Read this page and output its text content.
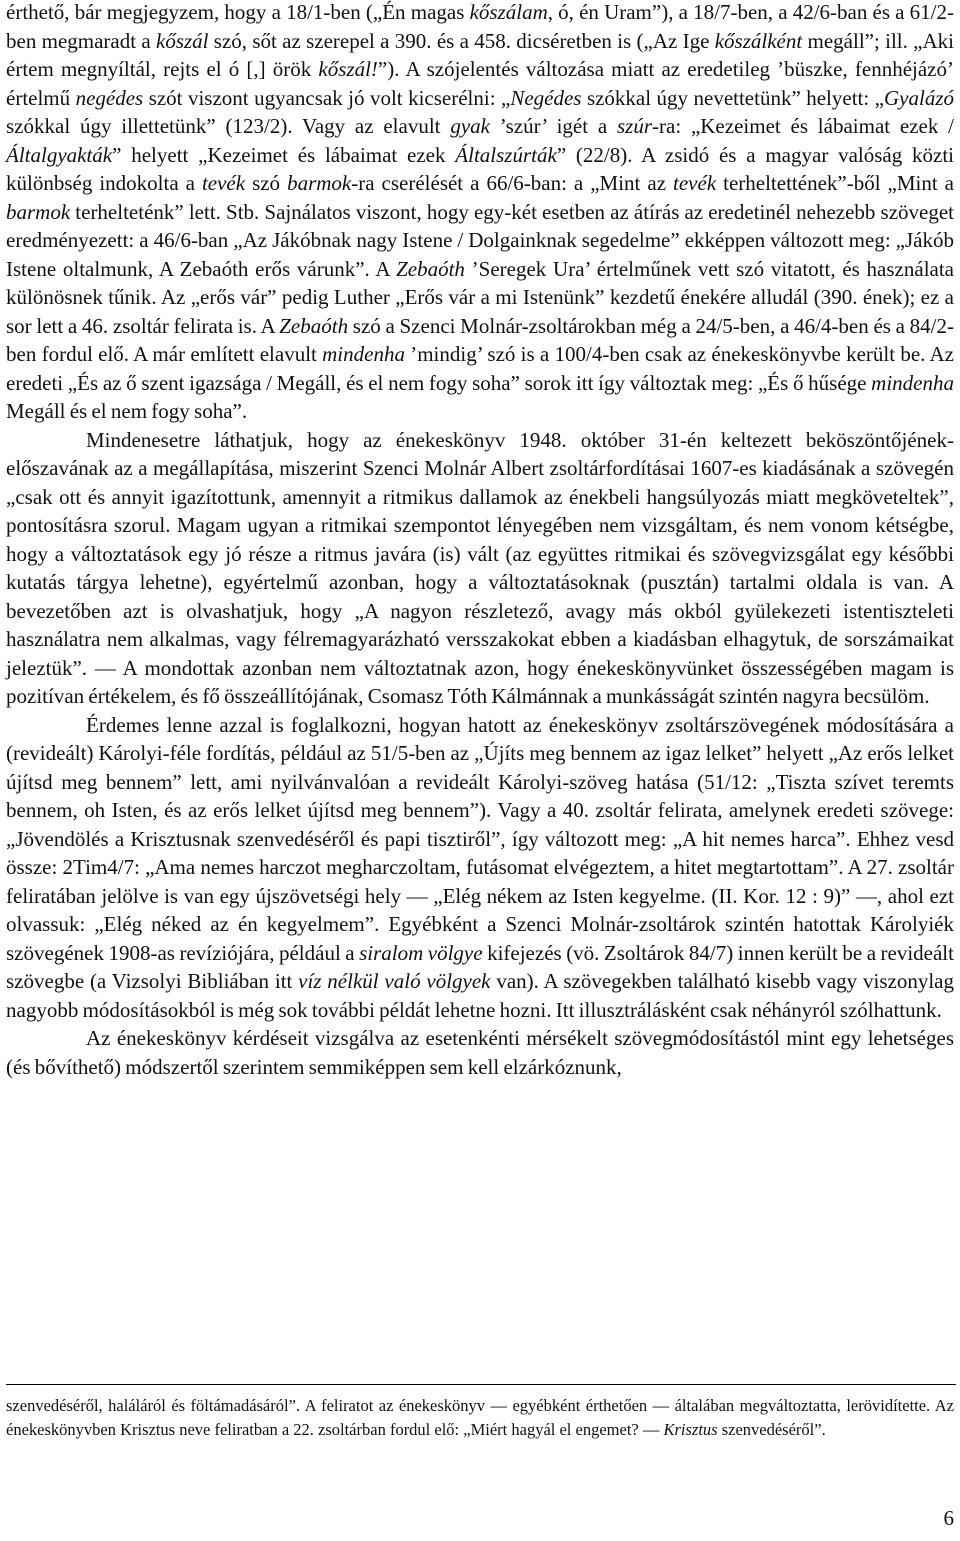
érthető, bár megjegyzem, hogy a 18/1-ben („Én magas kőszálam, ó, én Uram”), a 18/7-ben, a 42/6-ban és a 61/2-ben megmaradt a kőszál szó, sőt az szerepel a 390. és a 458. dicséretben is („Az Ige kőszálként megáll”; ill. „Aki értem megnyíltál, rejts el ó [,] örök kőszál!”). A szójelentés változása miatt az eredetileg ’büszke, fennhéjázó’ értelmű negédes szót viszont ugyancsak jó volt kicserélni: „Negédes szókkal úgy nevettetünk” helyett: „Gyalázó szókkal úgy illettetünk” (123/2). Vagy az elavult gyak ’szúr’ igét a szúr-ra: „Kezeimet és lábaimat ezek / Általgyakták” helyett „Kezeimet és lábaimat ezek Általszúrták” (22/8). A zsidó és a magyar valóság közti különbség indokolta a tevék szó barmok-ra cserélését a 66/6-ban: a „Mint az tevék terheltettének”-ből „Mint a barmok terhelteténk” lett. Stb. Sajnálatos viszont, hogy egy-két esetben az átírás az eredetinél nehezebb szöveget eredményezett: a 46/6-ban „Az Jákóbnak nagy Istene / Dolgainknak segedelme” ekképpen változott meg: „Jákób Istene oltalmunk, A Zebaóth erős várunk”. A Zebaóth ’Seregek Ura’ értelműnek vett szó vitatott, és használata különösnek tűnik. Az „erős vár” pedig Luther „Erős vár a mi Istenünk” kezdetű énekére alludál (390. ének); ez a sor lett a 46. zsoltár felirata is. A Zebaóth szó a Szenci Molnár-zsoltárokban még a 24/5-ben, a 46/4-ben és a 84/2-ben fordul elő. A már említett elavult mindenha ’mindig’ szó is a 100/4-ben csak az énekeskönyvbe került be. Az eredeti „És az ő szent igazsága / Megáll, és el nem fogy soha” sorok itt így változtak meg: „És ő hűsége mindenha Megáll és el nem fogy soha”.

Mindenesetre láthatjuk, hogy az énekeskönyv 1948. október 31-én keltezett beköszöntőjének-előszavának az a megállapítása, miszerint Szenci Molnár Albert zsoltárfordításai 1607-es kiadásának a szövegén „csak ott és annyit igazítottunk, amennyit a ritmikus dallamok az énekbeli hangsúlyozás miatt megköveteltek”, pontosításra szorul. Magam ugyan a ritmikai szempontot lényegében nem vizsgáltam, és nem vonom kétségbe, hogy a változtatások egy jó része a ritmus javára (is) vált (az együttes ritmikai és szövegvizsgálat egy későbbi kutatás tárgya lehetne), egyértelmű azonban, hogy a változtatásoknak (pusztán) tartalmi oldala is van. A bevezetőben azt is olvashatjuk, hogy „A nagyon részletező, avagy más okból gyülekezeti istentiszteleti használatra nem alkalmas, vagy félremagyarázható versszakokat ebben a kiadásban elhagytuk, de sorszámaikat jeleztük”. — A mondottak azonban nem változtatnak azon, hogy énekeskönyvünket összességében magam is pozitívan értékelem, és fő összeállítójának, Csomasz Tóth Kálmánnak a munkásságát szintén nagyra becsülöm.

Érdemes lenne azzal is foglalkozni, hogyan hatott az énekeskönyv zsoltárszövegének módosítására a (revideált) Károlyi-féle fordítás, például az 51/5-ben az „Újíts meg bennem az igaz lelket” helyett „Az erős lelket újítsd meg bennem” lett, ami nyilvánvalóan a revideált Károlyi-szöveg hatása (51/12: „Tiszta szívet teremts bennem, oh Isten, és az erős lelket újítsd meg bennem”). Vagy a 40. zsoltár felirata, amelynek eredeti szövege: „Jövendölés a Krisztusnak szenvedéséről és papi tisztiről”, így változott meg: „A hit nemes harca”. Ehhez vesd össze: 2Tim4/7: „Ama nemes harczot megharczoltam, futásomat elvégeztem, a hitet megtartottam”. A 27. zsoltár feliratában jelölve is van egy újszövetségi hely — „Elég nékem az Isten kegyelme. (II. Kor. 12 : 9)” —, ahol ezt olvassuk: „Elég néked az én kegyelmem”. Egyébként a Szenci Molnár-zsoltárok szintén hatottak Károlyiék szövegének 1908-as revíziójára, például a siralom völgye kifejezés (vö. Zsoltárok 84/7) innen került be a revideált szövegbe (a Vizsolyi Bibliában itt víz nélkül való völgyek van). A szövegekben található kisebb vagy viszonylag nagyobb módosításokból is még sok további példát lehetne hozni. Itt illusztrálásként csak néhányról szólhattunk.

Az énekeskönyv kérdéseit vizsgálva az esetenkénti mérsékelt szövegmódosítástól mint egy lehetséges (és bővíthető) módszertől szerintem semmiképpen sem kell elzárkóznunk,

szenvedéséről, haláláról és föltámadásáról”. A feliratot az énekeskönyv — egyébként érthetően — általában megváltoztatta, lerövidítette. Az énekeskönyvben Krisztus neve feliratban a 22. zsoltárban fordul elő: „Miért hagyál el engemet? — Krisztus szenvedéséről”.

6
